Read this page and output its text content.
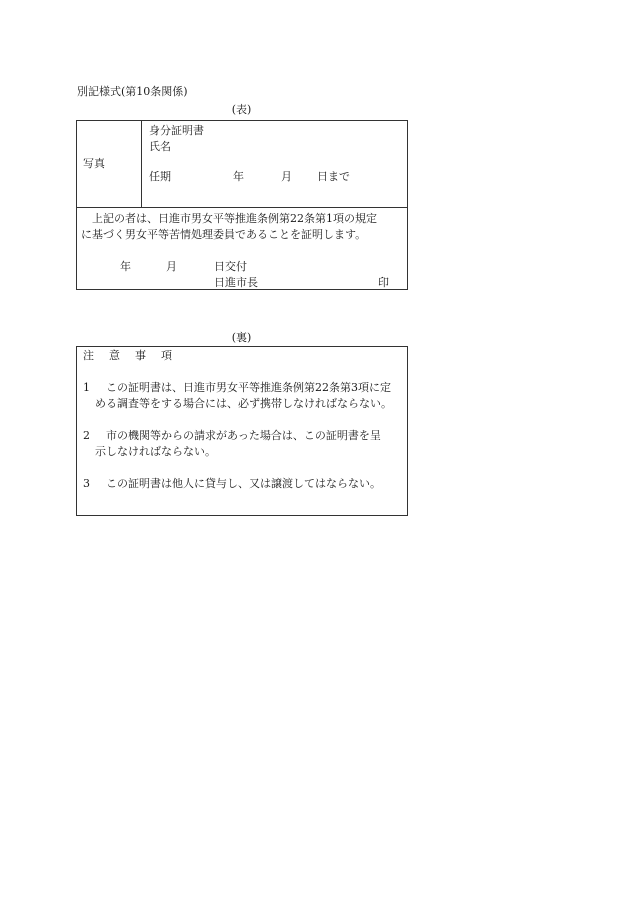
別記様式(第10条関係)
(表)
写真
身分証明書
氏名
任期	年	月 日まで

　上記の者は、日進市男女平等推進条例第22条第1項の規定

に基づく男女平等苦情処理委員であることを証明します。

年	月	日交付
日進市長	印
(裏)
注 意 事 項
1
　	この証明書は、日進市男女平等推進条例第22条第3項に定
める調査等をする場合には、必ず携帯しなければならない。
2
　	市の機関等からの請求があった場合は、この証明書を呈
示しなければならない。
3
　	この証明書は他人に貸与し、又は譲渡してはならない。
